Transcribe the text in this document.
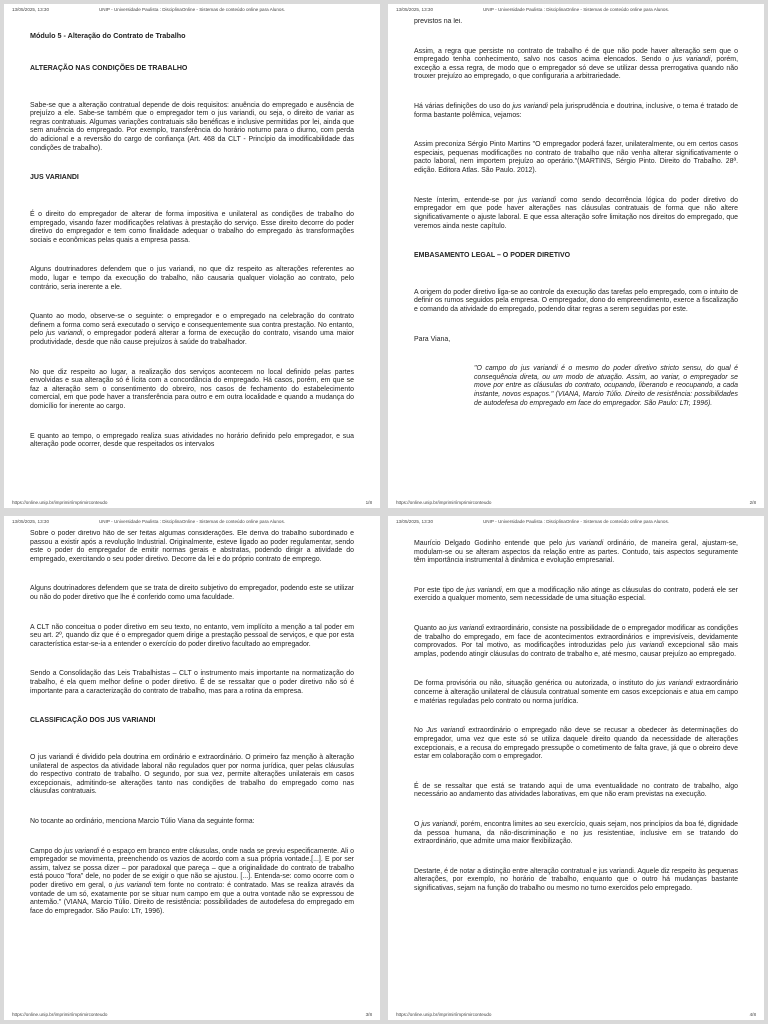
13/05/2025, 13:30	UNIP - Universidade Paulista : DisciplinaOnline - Sistemas de conteúdo online para Alunos.
Módulo 5 - Alteração do Contrato de Trabalho
ALTERAÇÃO NAS CONDIÇÕES DE TRABALHO

Sabe-se que a alteração contratual depende de dois requisitos: anuência do empregado e ausência de prejuízo a ele. Sabe-se também que o empregador tem o jus variandi, ou seja, o direito de variar as regras contratuais. Algumas variações contratuais são benéficas e inclusive permitidas por lei, ainda que sem anuência do empregado. Por exemplo, transferência do horário noturno para o diurno, com perda do adicional e a reversão do cargo de confiança (Art. 468 da CLT - Princípio da imodificabilidade das condições de trabalho).

JUS VARIANDI

É o direito do empregador de alterar de forma impositiva e unilateral as condições de trabalho do empregado, visando fazer modificações relativas à prestação do serviço. Esse direito decorre do poder diretivo do empregador e tem como finalidade adequar o trabalho do empregado às transformações sociais e econômicas pelas quais a empresa passa.

Alguns doutrinadores defendem que o jus variandi, no que diz respeito as alterações referentes ao modo, lugar e tempo da execução do trabalho, não causaria qualquer violação ao contrato, pelo contrário, seria inerente a ele.

Quanto ao modo, observe-se o seguinte: o empregador e o empregado na celebração do contrato definem a forma como será executado o serviço e consequentemente sua contra prestação. No entanto, pelo jus variandi, o empregador poderá alterar a forma de execução do contrato, visando uma maior produtividade, desde que não cause prejuízos à saúde do trabalhador.

No que diz respeito ao lugar, a realização dos serviços acontecem no local definido pelas partes envolvidas e sua alteração só é lícita com a concordância do empregado. Há casos, porém, em que se faz a alteração sem o consentimento do obreiro, nos casos de fechamento do estabelecimento comercial, em que pode haver a transferência para outro e em outra localidade e quando a mudança do domicílio for inerente ao cargo.

E quanto ao tempo, o empregado realiza suas atividades no horário definido pelo empregador, e sua alteração pode ocorrer, desde que respeitados os intervalos

https://online.unip.br/imprimir/imprimirconteudo	1/8
13/05/2025, 13:30	UNIP - Universidade Paulista : DisciplinaOnline - Sistemas de conteúdo online para Alunos.

previstos na lei.

Assim, a regra que persiste no contrato de trabalho é de que não pode haver alteração sem que o empregado tenha conhecimento, salvo nos casos acima elencados. Sendo o jus variandi, porém, exceção a essa regra, de modo que o empregador só deve se utilizar dessa prerrogativa quando não trouxer prejuízo ao empregado, o que configuraria a arbitrariedade.

Há várias definições do uso do jus variandi pela jurisprudência e doutrina, inclusive, o tema é tratado de forma bastante polêmica, vejamos:

Assim preconiza Sérgio Pinto Martins "O empregador poderá fazer, unilateralmente, ou em certos casos especiais, pequenas modificações no contrato de trabalho que não venha alterar significativamente o pacto laboral, nem importem prejuízo ao operário."(MARTINS, Sérgio Pinto. Direito do Trabalho. 28ª. edição. Editora Atlas. São Paulo. 2012).

Neste ínterim, entende-se por jus variandi como sendo decorrência lógica do poder diretivo do empregador em que pode haver alterações nas cláusulas contratuais de forma que não altere significativamente o ajuste laboral. E que essa alteração sofre limitação nos direitos do empregado, que veremos ainda neste capítulo.

EMBASAMENTO LEGAL – O PODER DIRETIVO

A origem do poder diretivo liga-se ao controle da execução das tarefas pelo empregado, com o intuito de definir os rumos seguidos pela empresa. O empregador, dono do empreendimento, exerce a fiscalização e comando da atividade do empregado, podendo ditar regras a serem seguidas por este.

Para Viana,

"O campo do jus variandi é o mesmo do poder diretivo stricto sensu, do qual é consequência direta, ou um modo de atuação. Assim, ao variar, o empregador se move por entre as cláusulas do contrato, ocupando, liberando e reocupando, a cada instante, novos espaços." (VIANA, Marcio Túlio. Direito de resistência: possibilidades de autodefesa do empregado em face do empregador. São Paulo: LTr, 1996).

https://online.unip.br/imprimir/imprimirconteudo	2/8
13/05/2025, 13:30	UNIP - Universidade Paulista : DisciplinaOnline - Sistemas de conteúdo online para Alunos.

Sobre o poder diretivo hão de ser feitas algumas considerações. Ele deriva do trabalho subordinado e passou a existir após a revolução Industrial. Originalmente, esteve ligado ao poder regulamentar, sendo este o poder do empregador de emitir normas gerais e abstratas, podendo dirigir a atividade do empregado, exercitando o seu poder diretivo. Decorre da lei e do próprio contrato de emprego.

Alguns doutrinadores defendem que se trata de direito subjetivo do empregador, podendo este se utilizar ou não do poder diretivo que lhe é conferido como uma faculdade.

A CLT não conceitua o poder diretivo em seu texto, no entanto, vem implícito a menção a tal poder em seu art. 2º, quando diz que é o empregador quem dirige a prestação pessoal de serviços, e que por esta característica estar-se-ia a entender o exercício do poder diretivo facultado ao empregador.

Sendo a Consolidação das Leis Trabalhistas – CLT o instrumento mais importante na normatização do trabalho, é ela quem melhor define o poder diretivo. É de se ressaltar que o poder diretivo não só é importante para a caracterização do contrato de trabalho, mas para a rotina da empresa.

CLASSIFICAÇÃO DOS JUS VARIANDI

O jus variandi é dividido pela doutrina em ordinário e extraordinário. O primeiro faz menção à alteração unilateral de aspectos da atividade laboral não regulados quer por norma jurídica, quer pelas cláusulas do respectivo contrato de trabalho. O segundo, por sua vez, permite alterações unilaterais em casos excepcionais, admitindo-se alterações tanto nas condições de trabalho do empregado como nas cláusulas contratuais.

No tocante ao ordinário, menciona Marcio Túlio Viana da seguinte forma:

Campo do jus variandi é o espaço em branco entre cláusulas, onde nada se previu especificamente. Ali o empregador se movimenta, preenchendo os vazios de acordo com a sua própria vontade.[...]. E por ser assim, talvez se possa dizer – por paradoxal que pareça – que a originalidade do contrato de trabalho está pouco "fora" dele, no poder de se exigir o que não se ajustou. [...]. Entenda-se: como ocorre com o poder diretivo em geral, o jus variandi tem fonte no contrato: é contratado. Mas se realiza através da vontade de um só, exatamente por se situar num campo em que a outra vontade não se expressou de antemão." (VIANA, Marcio Túlio. Direito de resistência: possibilidades de autodefesa do empregado em face do empregador. São Paulo: LTr, 1996).

https://online.unip.br/imprimir/imprimirconteudo	3/8
13/05/2025, 13:30	UNIP - Universidade Paulista : DisciplinaOnline - Sistemas de conteúdo online para Alunos.

Maurício Delgado Godinho entende que pelo jus variandi ordinário, de maneira geral, ajustam-se, modulam-se ou se alteram aspectos da relação entre as partes. Contudo, tais aspectos seguramente têm importância instrumental à dinâmica e evolução empresarial.

Por este tipo de jus variandi, em que a modificação não atinge as cláusulas do contrato, poderá ele ser exercido a qualquer momento, sem necessidade de uma situação especial.

Quanto ao jus variandi extraordinário, consiste na possibilidade de o empregador modificar as condições de trabalho do empregado, em face de acontecimentos extraordinários e imprevisíveis, devidamente comprovados. Por tal motivo, as modificações introduzidas pelo jus variandi excepcional são mais amplas, podendo atingir cláusulas do contrato de trabalho e, até mesmo, causar prejuízo ao empregado.

De forma provisória ou não, situação genérica ou autorizada, o instituto do jus variandi extraordinário concerne à alteração unilateral de cláusula contratual somente em casos excepcionais e atua em campo e matérias reguladas pelo contrato ou norma jurídica.

No Jus variandi extraordinário o empregado não deve se recusar a obedecer às determinações do empregador, uma vez que este só se utiliza daquele direito quando da necessidade de alterações excepcionais, e a recusa do empregado pressupõe o cometimento de falta grave, já que o obreiro deve estar em colaboração com o empregador.

É de se ressaltar que está se tratando aqui de uma eventualidade no contrato de trabalho, algo necessário ao andamento das atividades laborativas, em que não eram previstas na execução.

O jus variandi, porém, encontra limites ao seu exercício, quais sejam, nos princípios da boa fé, dignidade da pessoa humana, da não-discriminação e no jus resistentiae, inclusive em se tratando do extraordinário, que admite uma maior flexibilização.

Destarte, é de notar a distinção entre alteração contratual e jus variandi. Aquele diz respeito às pequenas alterações, por exemplo, no horário de trabalho, enquanto que o outro há mudanças bastante significativas, sejam na função do trabalho ou mesmo no turno exercidos pelo empregado.

https://online.unip.br/imprimir/imprimirconteudo	4/8
